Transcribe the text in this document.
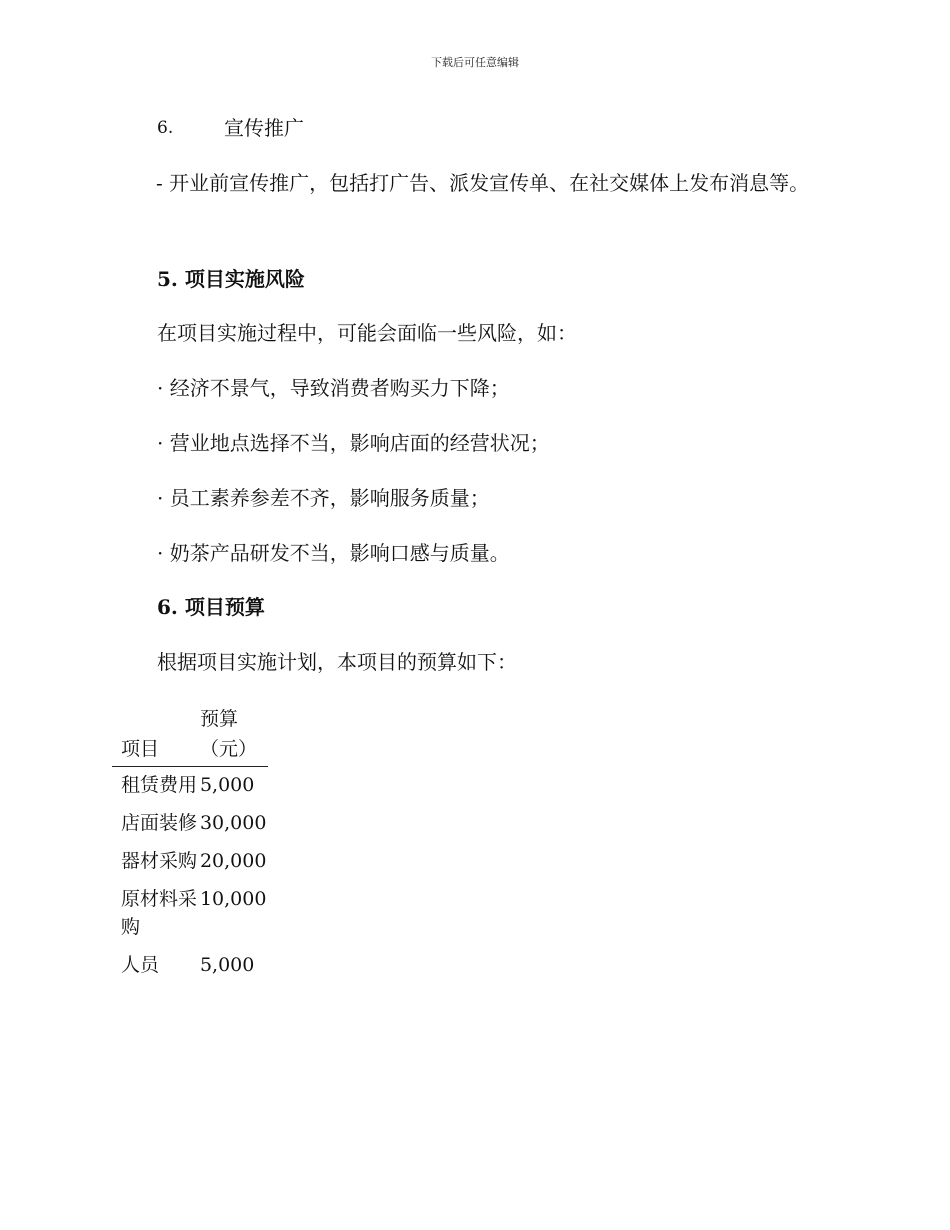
下载后可任意编辑
6.	宣传推广
- 开业前宣传推广，包括打广告、派发宣传单、在社交媒体上发布消息等。
5. 项目实施风险
在项目实施过程中，可能会面临一些风险，如：
· 经济不景气，导致消费者购买力下降；
· 营业地点选择不当，影响店面的经营状况；
· 员工素养参差不齐，影响服务质量；
· 奶茶产品研发不当，影响口感与质量。
6. 项目预算
根据项目实施计划，本项目的预算如下：
项目	预算（元）
租赁费用	5,000
店面装修	30,000
器材采购	20,000
原材料采购	10,000
人员	5,000
